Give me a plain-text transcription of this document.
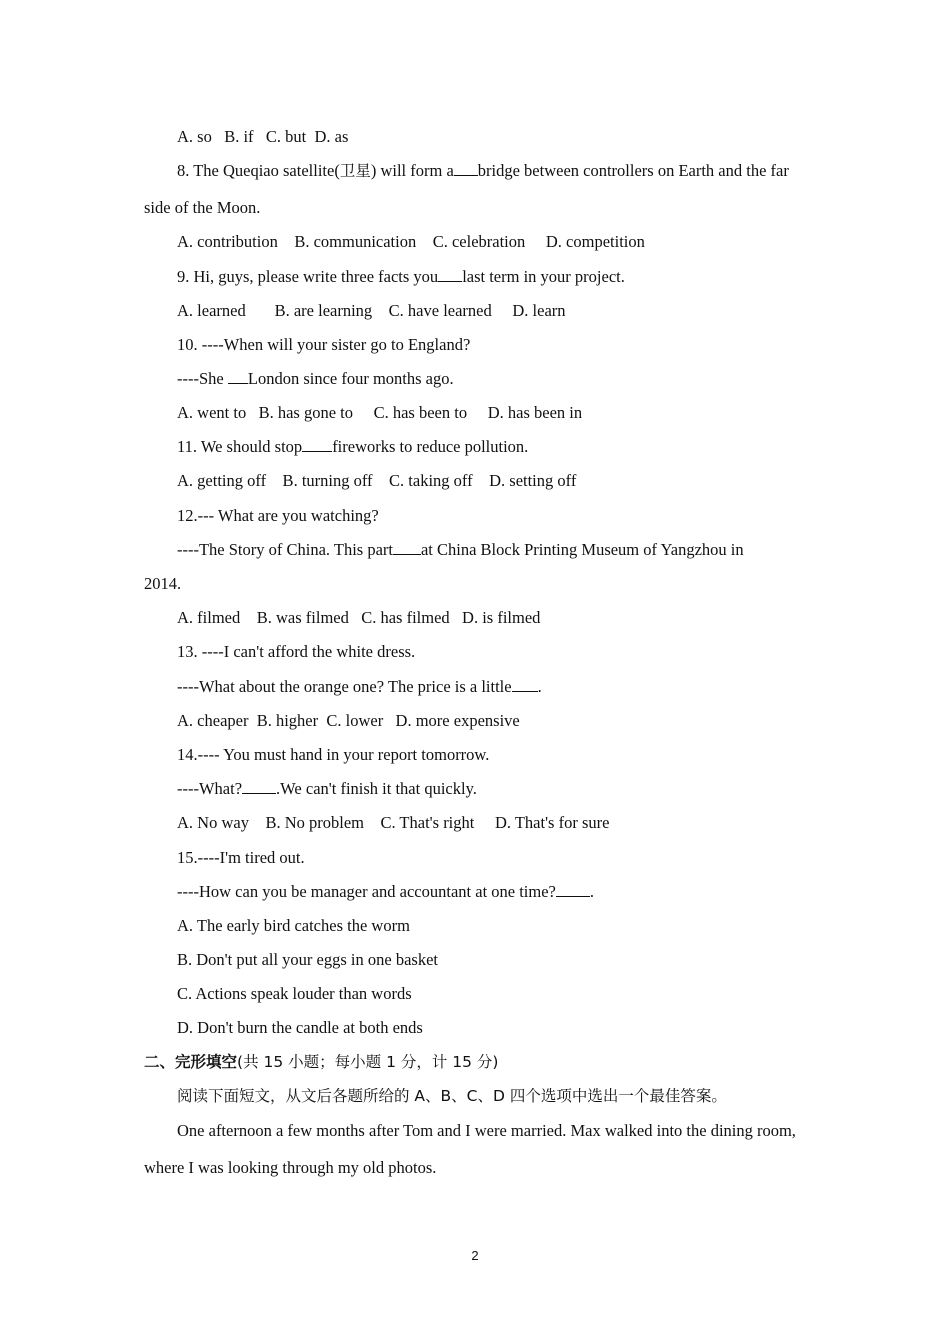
A. so   B. if   C. but  D. as
8. The Queqiao satellite(卫星) will form a bridge between controllers on Earth and the far
side of the Moon.
A. contribution    B. communication    C. celebration     D. competition
9. Hi, guys, please write three facts you last term in your project.
A. learned       B. are learning    C. have learned     D. learn
10. ----When will your sister go to England?
----She London since four months ago.
A. went to   B. has gone to     C. has been to     D. has been in
11. We should stop fireworks to reduce pollution.
A. getting off    B. turning off    C. taking off    D. setting off
12.--- What are you watching?
----The Story of China. This part at China Block Printing Museum of Yangzhou in
2014.
A. filmed    B. was filmed   C. has filmed   D. is filmed
13. ----I can't afford the white dress.
----What about the orange one? The price is a little .
A. cheaper  B. higher  C. lower   D. more expensive
14.---- You must hand in your report tomorrow.
----What? .We can't finish it that quickly.
A. No way    B. No problem    C. That's right     D. That's for sure
15.----I'm tired out.
----How can you be manager and accountant at one time? .
A. The early bird catches the worm
B. Don't put all your eggs in one basket
C. Actions speak louder than words
D. Don't burn the candle at both ends
二、完形填空(共 15 小题；每小题 1 分，计 15 分)
阅读下面短文，从文后各题所给的 A、B、C、D 四个选项中选出一个最佳答案。
One afternoon a few months after Tom and I were married. Max walked into the dining room,
where I was looking through my old photos.
2
